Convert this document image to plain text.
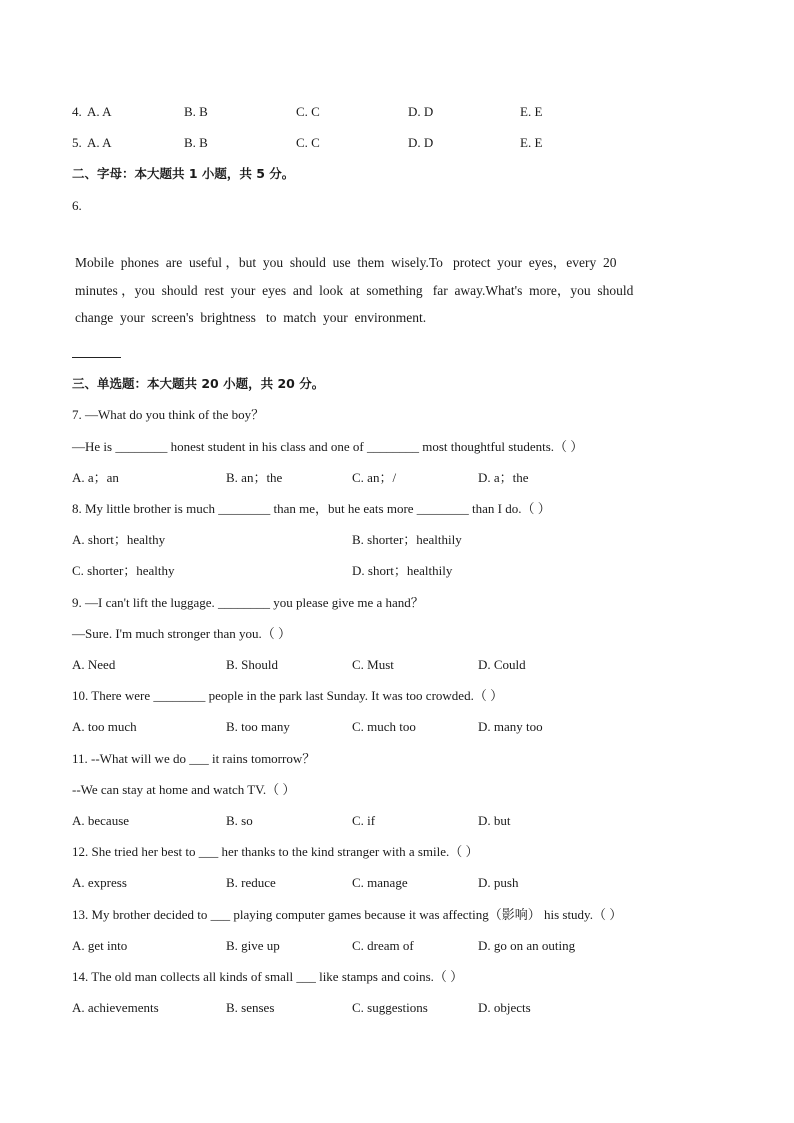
4. A. A	B. B	C. C	D. D	E. E
5. A. A	B. B	C. C	D. D	E. E
二、字母：本大题共 1 小题，共 5 分。
6.
Mobile  phones  are  useful ，but  you  should  use  them  wisely.To   protect  your  eyes，every  20
minutes ，you  should  rest  your  eyes  and  look  at  something   far  away.What's  more，you  should
change  your  screen's  brightness   to  match  your  environment.
三、单选题：本大题共 20 小题，共 20 分。
7. —What do you think of the boy？
—He is ________ honest student in his class and one of ________ most thoughtful students.（ ）
A. a；an	B. an；the	C. an；/	D. a；the
8. My little brother is much ________ than me，but he eats more ________ than I do.（ ）
A. short；healthy	B. shorter；healthily
C. shorter；healthy	D. short；healthily
9. —I can't lift the luggage. ________ you please give me a hand？
—Sure. I'm much stronger than you.（ ）
A. Need	B. Should	C. Must	D. Could
10. There were ________ people in the park last Sunday. It was too crowded.（ ）
A. too much	B. too many	C. much too	D. many too
11. --What will we do ___ it rains tomorrow？
--We can stay at home and watch TV.（ ）
A. because	B. so	C. if	D. but
12. She tried her best to ___ her thanks to the kind stranger with a smile.（ ）
A. express	B. reduce	C. manage	D. push
13. My brother decided to ___ playing computer games because it was affecting（影响） his study.（ ）
A. get into	B. give up	C. dream of	D. go on an outing
14. The old man collects all kinds of small ___ like stamps and coins.（ ）
A. achievements	B. senses	C. suggestions	D. objects
